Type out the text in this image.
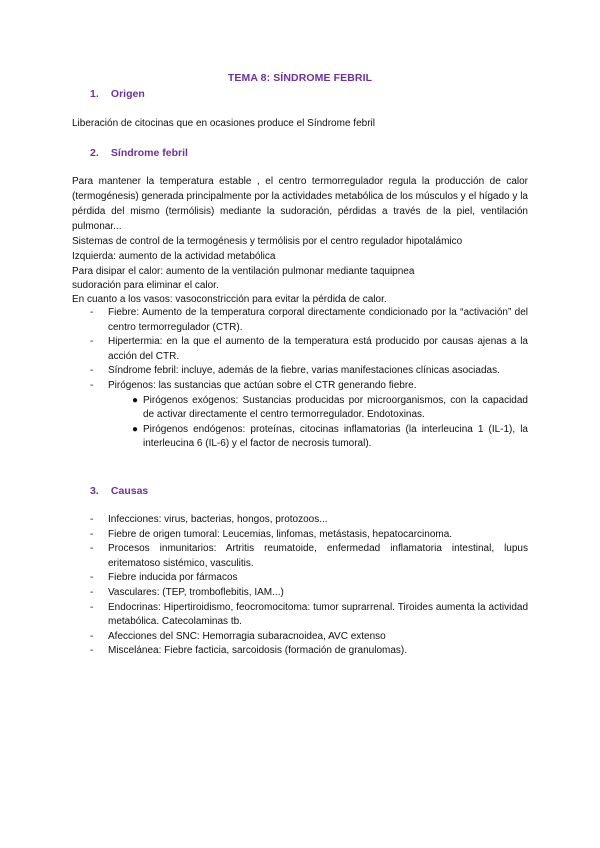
TEMA 8: SÍNDROME FEBRIL
1. Origen
Liberación de citocinas que en ocasiones produce el Síndrome febril
2. Síndrome febril
Para mantener la temperatura estable , el centro termorregulador regula la producción de calor (termogénesis) generada principalmente por la actividades metabólica de los músculos y el hígado y la pérdida del mismo (termólisis) mediante la sudoración, pérdidas a través de la piel, ventilación pulmonar...
Sistemas de control de la termogénesis y termólisis por el centro regulador hipotalámico
Izquierda: aumento de la actividad metabólica
Para disipar el calor: aumento de la ventilación pulmonar mediante taquipnea
sudoración para eliminar el calor.
En cuanto a los vasos: vasoconstricción para evitar la pérdida de calor.
- Fiebre: Aumento de la temperatura corporal directamente condicionado por la “activación” del centro termorregulador (CTR).
- Hipertermia: en la que el aumento de la temperatura está producido por causas ajenas a la acción del CTR.
- Síndrome febril: incluye, además de la fiebre, varias manifestaciones clínicas asociadas.
- Pirógenos: las sustancias que actúan sobre el CTR generando fiebre.
● Pirógenos exógenos: Sustancias producidas por microorganismos, con la capacidad de activar directamente el centro termorregulador. Endotoxinas.
● Pirógenos endógenos: proteínas, citocinas inflamatorias (la interleucina 1 (IL-1), la interleucina 6 (IL-6) y el factor de necrosis tumoral).
3. Causas
- Infecciones: virus, bacterias, hongos, protozoos...
- Fiebre de origen tumoral: Leucemias, linfomas, metástasis, hepatocarcinoma.
- Procesos inmunitarios: Artritis reumatoide, enfermedad inflamatoria intestinal, lupus eritematoso sistémico, vasculitis.
- Fiebre inducida por fármacos
- Vasculares: (TEP, tromboflebitis, IAM...)
- Endocrinas: Hipertiroidismo, feocromocitoma: tumor suprarrenal. Tiroides aumenta la actividad metabólica. Catecolaminas tb.
- Afecciones del SNC: Hemorragia subaracnoidea, AVC extenso
- Miscelánea: Fiebre facticia, sarcoidosis (formación de granulomas).
